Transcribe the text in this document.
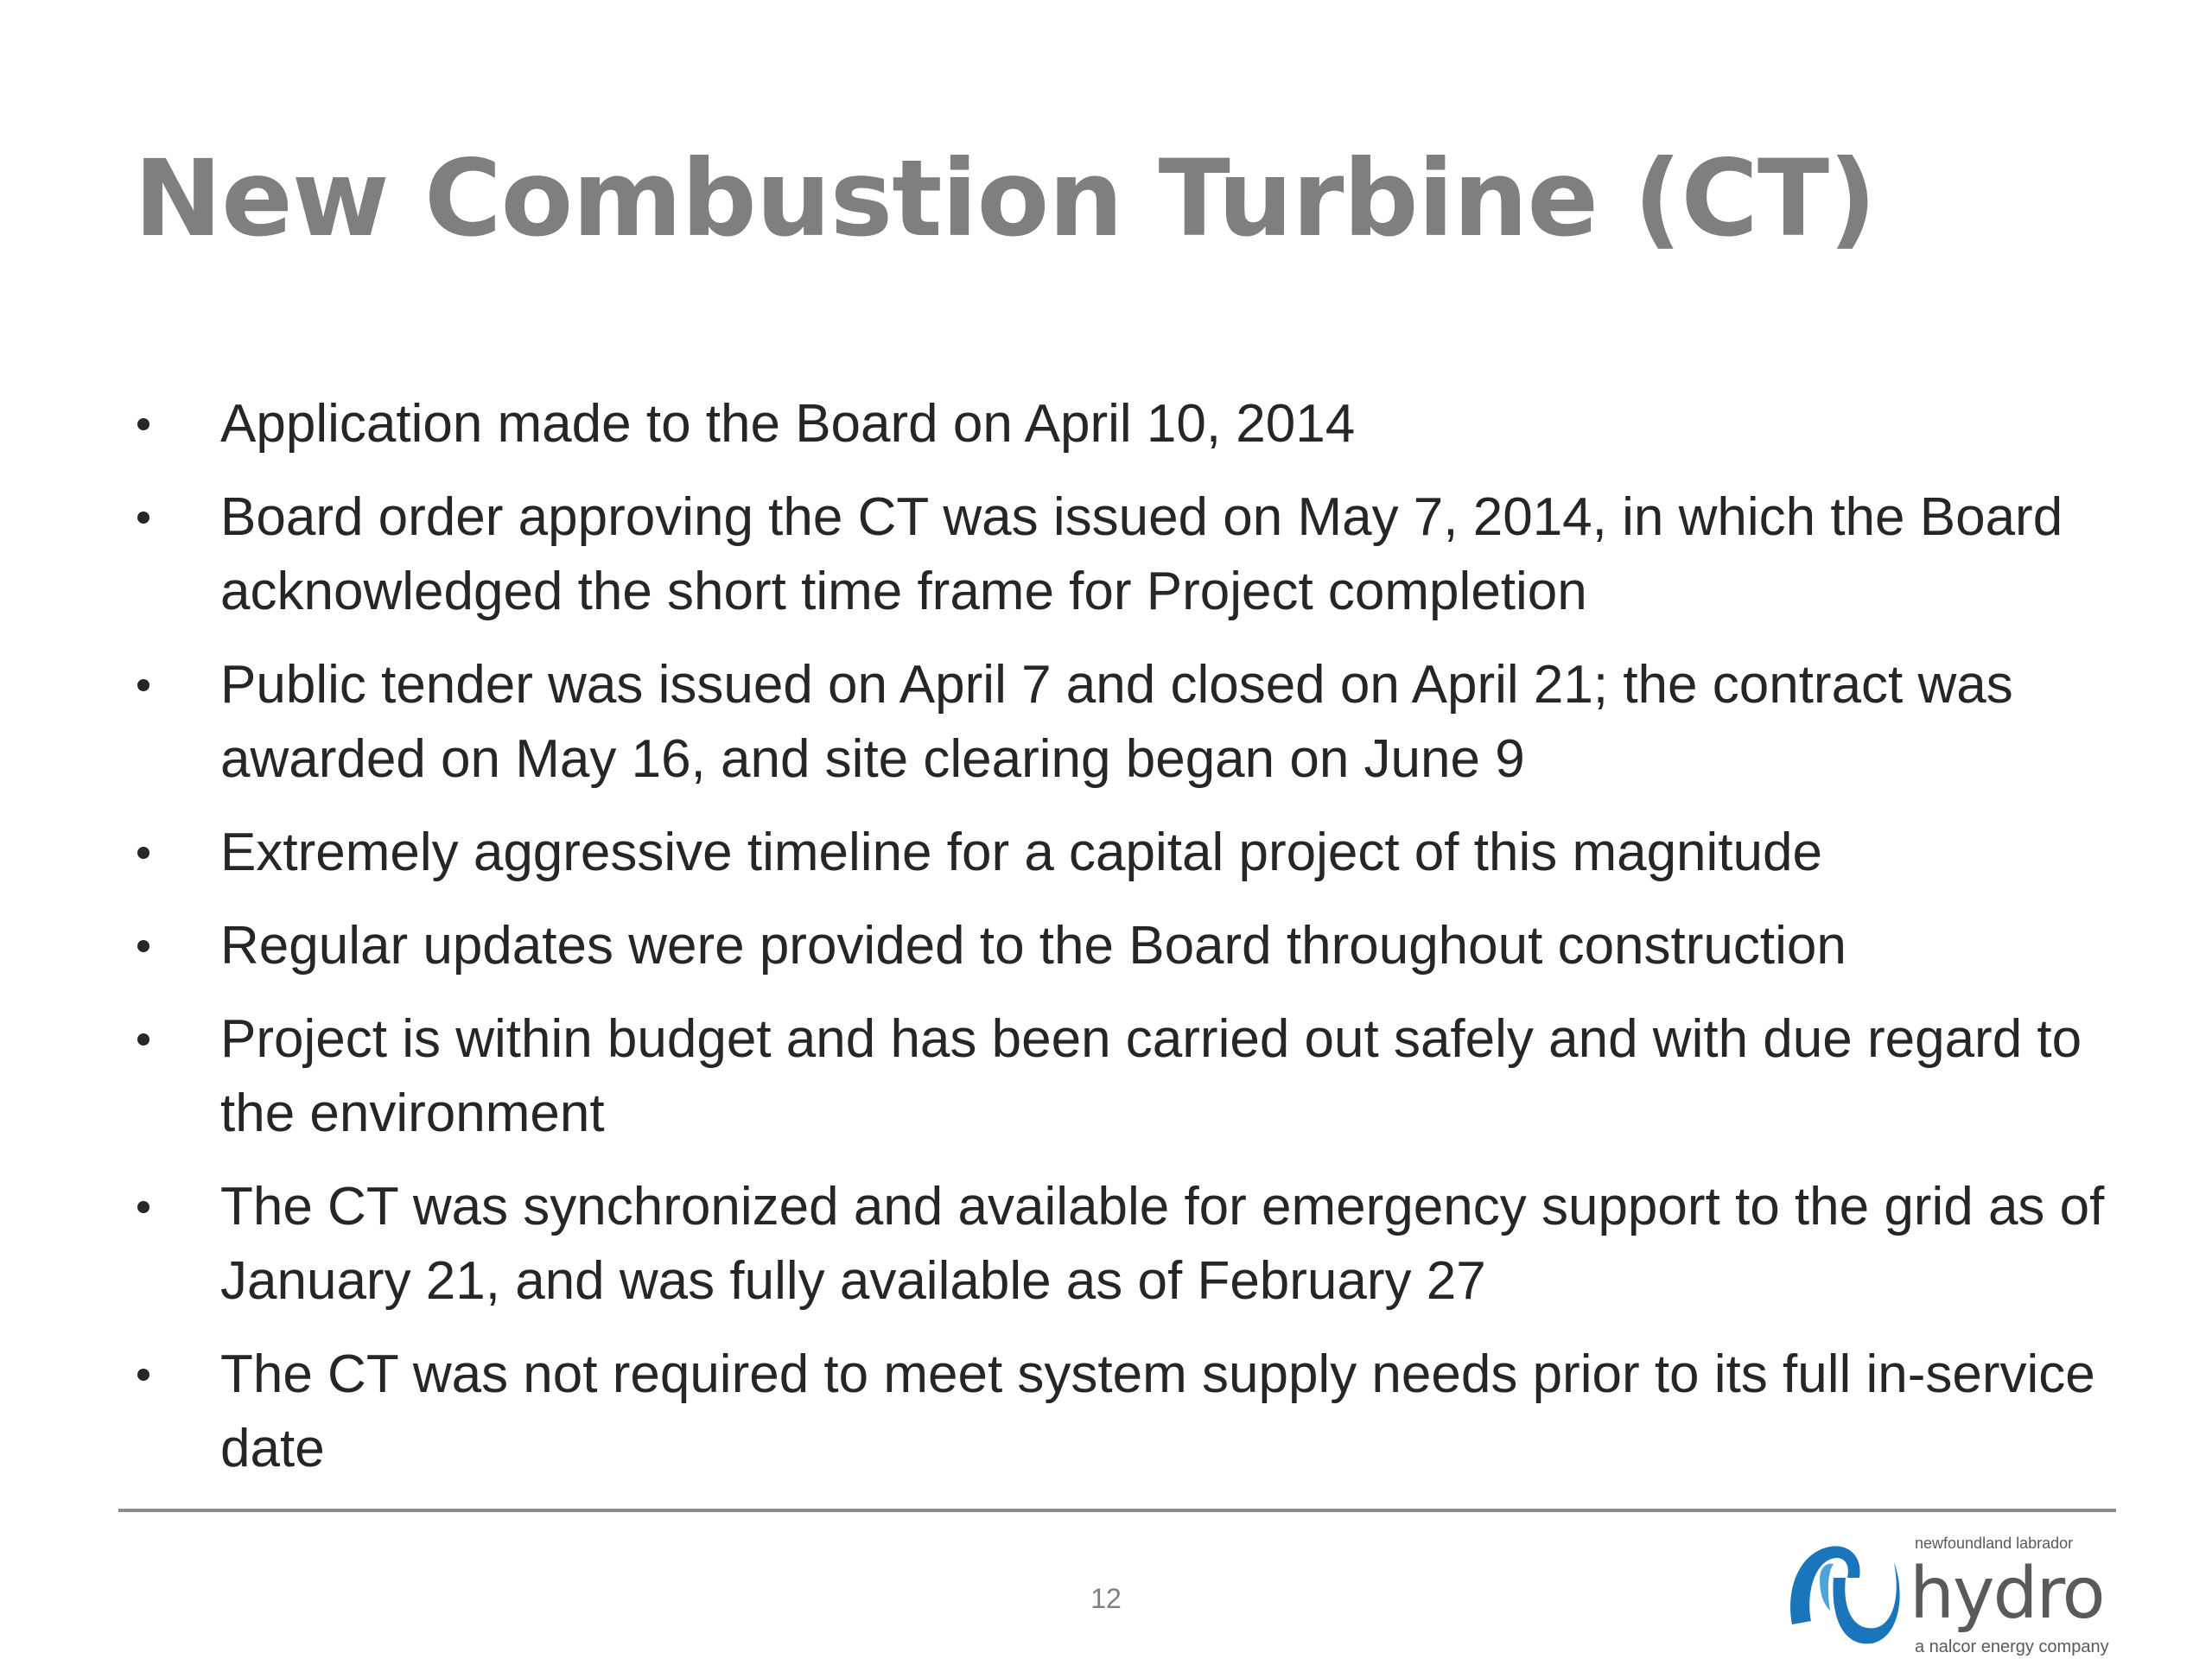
New Combustion Turbine (CT)
Application made to the Board on April 10, 2014
Board order approving the CT was issued on May 7, 2014, in which the Board acknowledged the short time frame for Project completion
Public tender was issued on April 7 and closed on April 21; the contract was awarded on May 16, and site clearing began on June 9
Extremely aggressive timeline for a capital project of this magnitude
Regular updates were provided to the Board throughout construction
Project is within budget and has been carried out safely and with due regard to the environment
The CT was synchronized and available for emergency support to the grid as of January 21, and was fully available as of February 27
The CT was not required to meet system supply needs prior to its full in-service date
12
newfoundland labrador
hydro
a nalcor energy company
